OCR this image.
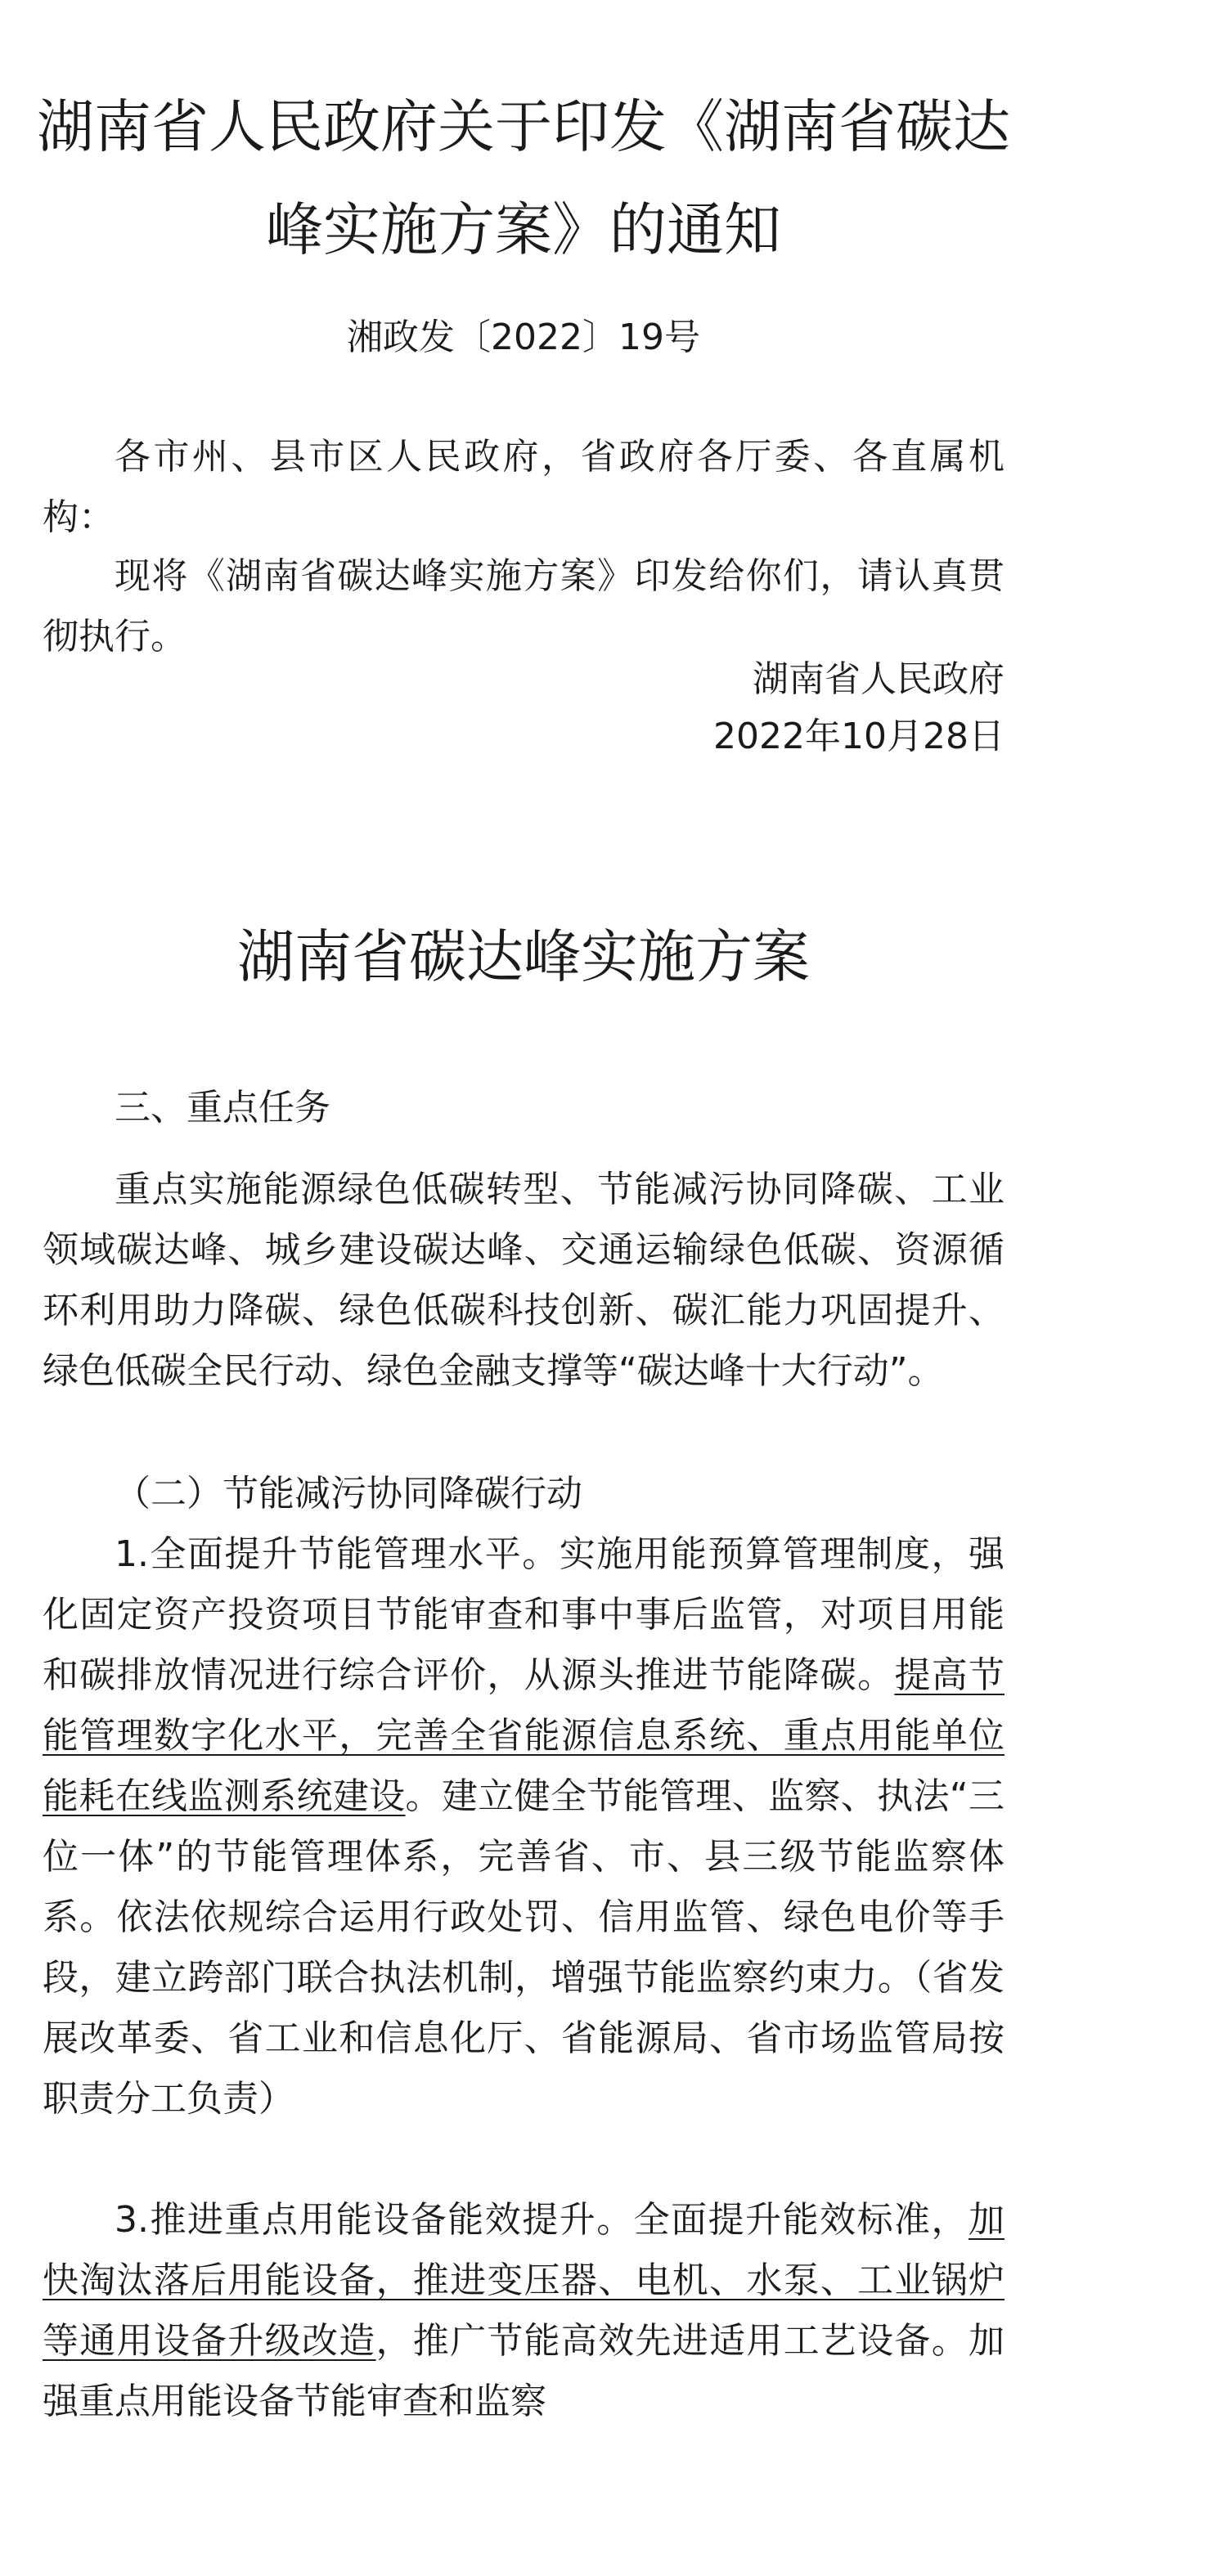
湖南省人民政府关于印发《湖南省碳达峰实施方案》的通知
湘政发〔2022〕19号

各市州、县市区人民政府，省政府各厅委、各直属机构：

现将《湖南省碳达峰实施方案》印发给你们，请认真贯彻执行。

湖南省人民政府
2022年10月28日
湖南省碳达峰实施方案
三、重点任务

重点实施能源绿色低碳转型、节能减污协同降碳、工业领域碳达峰、城乡建设碳达峰、交通运输绿色低碳、资源循环利用助力降碳、绿色低碳科技创新、碳汇能力巩固提升、绿色低碳全民行动、绿色金融支撑等“碳达峰十大行动”。

（二）节能减污协同降碳行动

1.全面提升节能管理水平。实施用能预算管理制度，强化固定资产投资项目节能审查和事中事后监管，对项目用能和碳排放情况进行综合评价，从源头推进节能降碳。提高节能管理数字化水平，完善全省能源信息系统、重点用能单位能耗在线监测系统建设。建立健全节能管理、监察、执法“三位一体”的节能管理体系，完善省、市、县三级节能监察体系。依法依规综合运用行政处罚、信用监管、绿色电价等手段，建立跨部门联合执法机制，增强节能监察约束力。（省发展改革委、省工业和信息化厅、省能源局、省市场监管局按职责分工负责）

3.推进重点用能设备能效提升。全面提升能效标准，加快淘汰落后用能设备，推进变压器、电机、水泵、工业锅炉等通用设备升级改造，推广节能高效先进适用工艺设备。加强重点用能设备节能审查和监察
